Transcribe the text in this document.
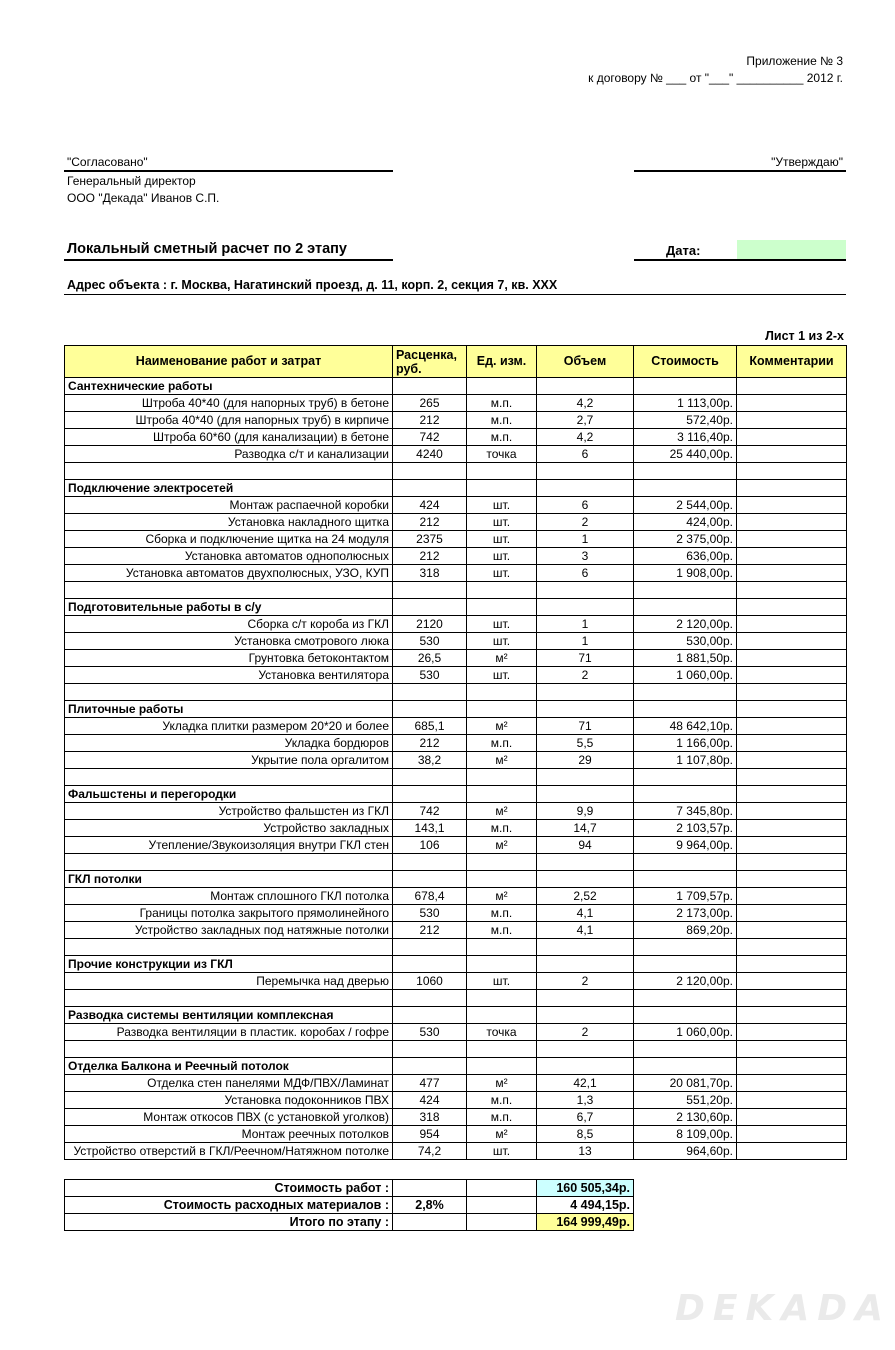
Приложение № 3
к договору № ___ от "___" __________ 2012 г.
"Согласовано"	"Утверждаю"
Генеральный директор
ООО "Декада" Иванов С.П.
Локальный сметный расчет по 2 этапу	Дата:
Адрес объекта : г. Москва, Нагатинский проезд, д. 11, корп. 2, секция 7, кв. ХХХ
Лист 1 из 2-х
Наименование работ и затрат	Расценка, руб.	Ед. изм.	Объем	Стоимость	Комментарии
Сантехнические работы					
Штроба 40*40 (для напорных труб) в бетоне	265	м.п.	4,2	1 113,00р.	
Штроба 40*40 (для напорных труб) в кирпиче	212	м.п.	2,7	572,40р.	
Штроба 60*60 (для канализации) в бетоне	742	м.п.	4,2	3 116,40р.	
Разводка с/т и канализации	4240	точка	6	25 440,00р.	

Подключение электросетей					
Монтаж распаечной коробки	424	шт.	6	2 544,00р.	
Установка накладного щитка	212	шт.	2	424,00р.	
Сборка и подключение щитка на 24 модуля	2375	шт.	1	2 375,00р.	
Установка автоматов однополюсных	212	шт.	3	636,00р.	
Установка автоматов двухполюсных, УЗО, КУП	318	шт.	6	1 908,00р.	

Подготовительные работы в с/у					
Сборка с/т короба из ГКЛ	2120	шт.	1	2 120,00р.	
Установка смотрового люка	530	шт.	1	530,00р.	
Грунтовка бетоконтактом	26,5	м²	71	1 881,50р.	
Установка вентилятора	530	шт.	2	1 060,00р.	

Плиточные работы					
Укладка плитки размером 20*20 и более	685,1	м²	71	48 642,10р.	
Укладка бордюров	212	м.п.	5,5	1 166,00р.	
Укрытие пола оргалитом	38,2	м²	29	1 107,80р.	

Фальшстены и перегородки					
Устройство фальшстен из ГКЛ	742	м²	9,9	7 345,80р.	
Устройство закладных	143,1	м.п.	14,7	2 103,57р.	
Утепление/Звукоизоляция внутри ГКЛ стен	106	м²	94	9 964,00р.	

ГКЛ потолки					
Монтаж сплошного ГКЛ потолка	678,4	м²	2,52	1 709,57р.	
Границы потолка закрытого прямолинейного	530	м.п.	4,1	2 173,00р.	
Устройство закладных под натяжные потолки	212	м.п.	4,1	869,20р.	

Прочие конструкции из ГКЛ					
Перемычка над дверью	1060	шт.	2	2 120,00р.	

Разводка системы вентиляции комплексная					
Разводка вентиляции в пластик. коробах / гофре	530	точка	2	1 060,00р.	

Отделка Балкона и Реечный потолок					
Отделка стен панелями МДФ/ПВХ/Ламинат	477	м²	42,1	20 081,70р.	
Установка подоконников ПВХ	424	м.п.	1,3	551,20р.	
Монтаж откосов ПВХ (с установкой уголков)	318	м.п.	6,7	2 130,60р.	
Монтаж реечных потолков	954	м²	8,5	8 109,00р.	
Устройство отверстий в ГКЛ/Реечном/Натяжном потолке	74,2	шт.	13	964,60р.	
Стоимость работ :			160 505,34р.
Стоимость расходных материалов :	2,8%		4 494,15р.
Итого по этапу :			164 999,49р.
DEKADA
